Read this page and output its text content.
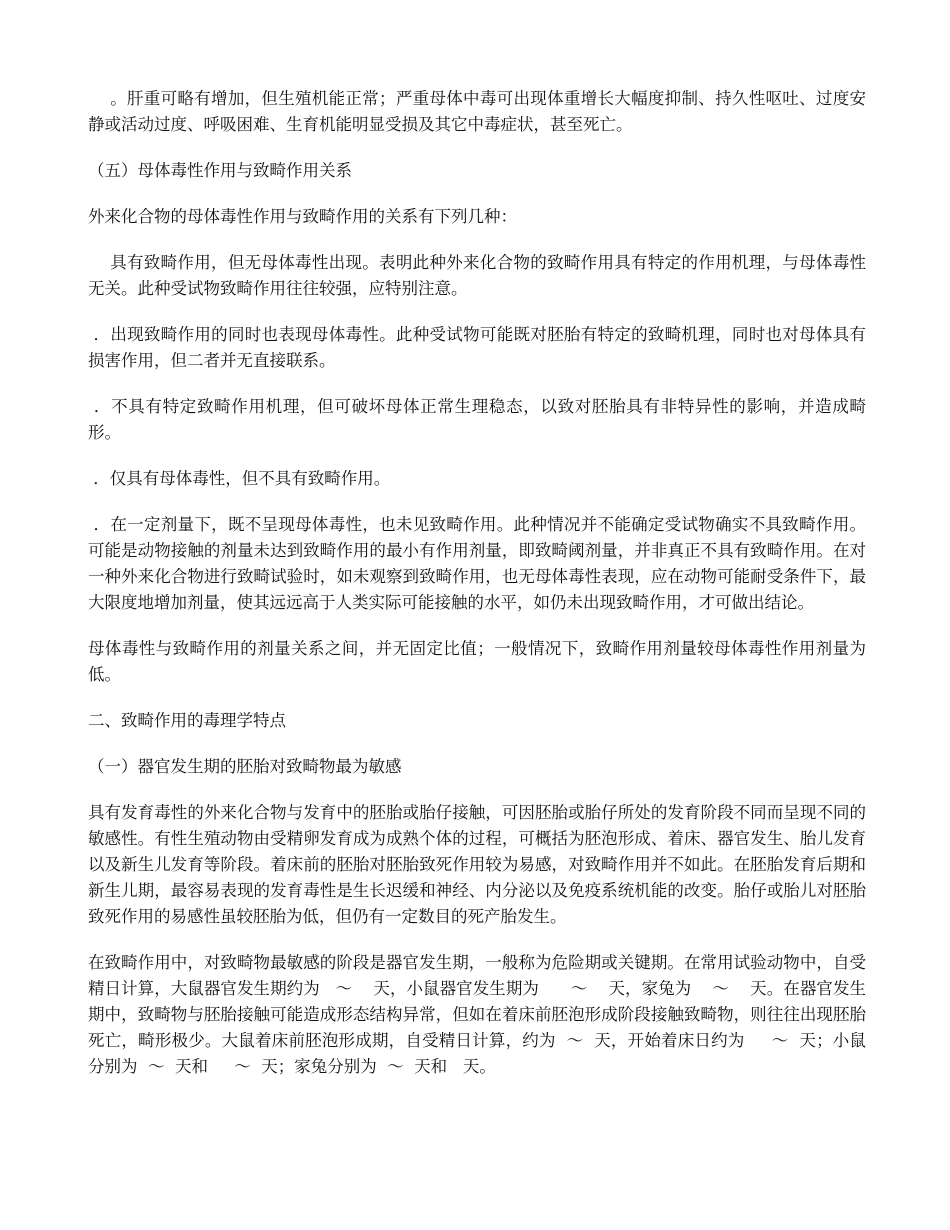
。肝重可略有增加，但生殖机能正常；严重母体中毒可出现体重增长大幅度抑制、持久性呕吐、过度安静或活动过度、呼吸困难、生育机能明显受损及其它中毒症状，甚至死亡。

（五）母体毒性作用与致畸作用关系

外来化合物的母体毒性作用与致畸作用的关系有下列几种：

具有致畸作用，但无母体毒性出现。表明此种外来化合物的致畸作用具有特定的作用机理，与母体毒性无关。此种受试物致畸作用往往较强，应特别注意。

．出现致畸作用的同时也表现母体毒性。此种受试物可能既对胚胎有特定的致畸机理，同时也对母体具有损害作用，但二者并无直接联系。

．不具有特定致畸作用机理，但可破坏母体正常生理稳态，以致对胚胎具有非特异性的影响，并造成畸形。

．仅具有母体毒性，但不具有致畸作用。

．在一定剂量下，既不呈现母体毒性，也未见致畸作用。此种情况并不能确定受试物确实不具致畸作用。可能是动物接触的剂量未达到致畸作用的最小有作用剂量，即致畸阈剂量，并非真正不具有致畸作用。在对一种外来化合物进行致畸试验时，如未观察到致畸作用，也无母体毒性表现，应在动物可能耐受条件下，最大限度地增加剂量，使其远远高于人类实际可能接触的水平，如仍未出现致畸作用，才可做出结论。

母体毒性与致畸作用的剂量关系之间，并无固定比值；一般情况下，致畸作用剂量较母体毒性作用剂量为低。

二、致畸作用的毒理学特点

（一）器官发生期的胚胎对致畸物最为敏感

具有发育毒性的外来化合物与发育中的胚胎或胎仔接触，可因胚胎或胎仔所处的发育阶段不同而呈现不同的敏感性。有性生殖动物由受精卵发育成为成熟个体的过程，可概括为胚泡形成、着床、器官发生、胎儿发育以及新生儿发育等阶段。着床前的胚胎对胚胎致死作用较为易感，对致畸作用并不如此。在胚胎发育后期和新生儿期，最容易表现的发育毒性是生长迟缓和神经、内分泌以及免疫系统机能的改变。胎仔或胎儿对胚胎致死作用的易感性虽较胚胎为低，但仍有一定数目的死产胎发生。

在致畸作用中，对致畸物最敏感的阶段是器官发生期，一般称为危险期或关键期。在常用试验动物中，自受精日计算，大鼠器官发生期约为   ～    天，小鼠器官发生期为      ～    天，家兔为    ～    天。在器官发生期中，致畸物与胚胎接触可能造成形态结构异常，但如在着床前胚泡形成阶段接触致畸物，则往往出现胚胎死亡，畸形极少。大鼠着床前胚泡形成期，自受精日计算，约为  ～  天，开始着床日约为     ～  天；小鼠分别为  ～  天和     ～  天；家兔分别为  ～  天和   天。
